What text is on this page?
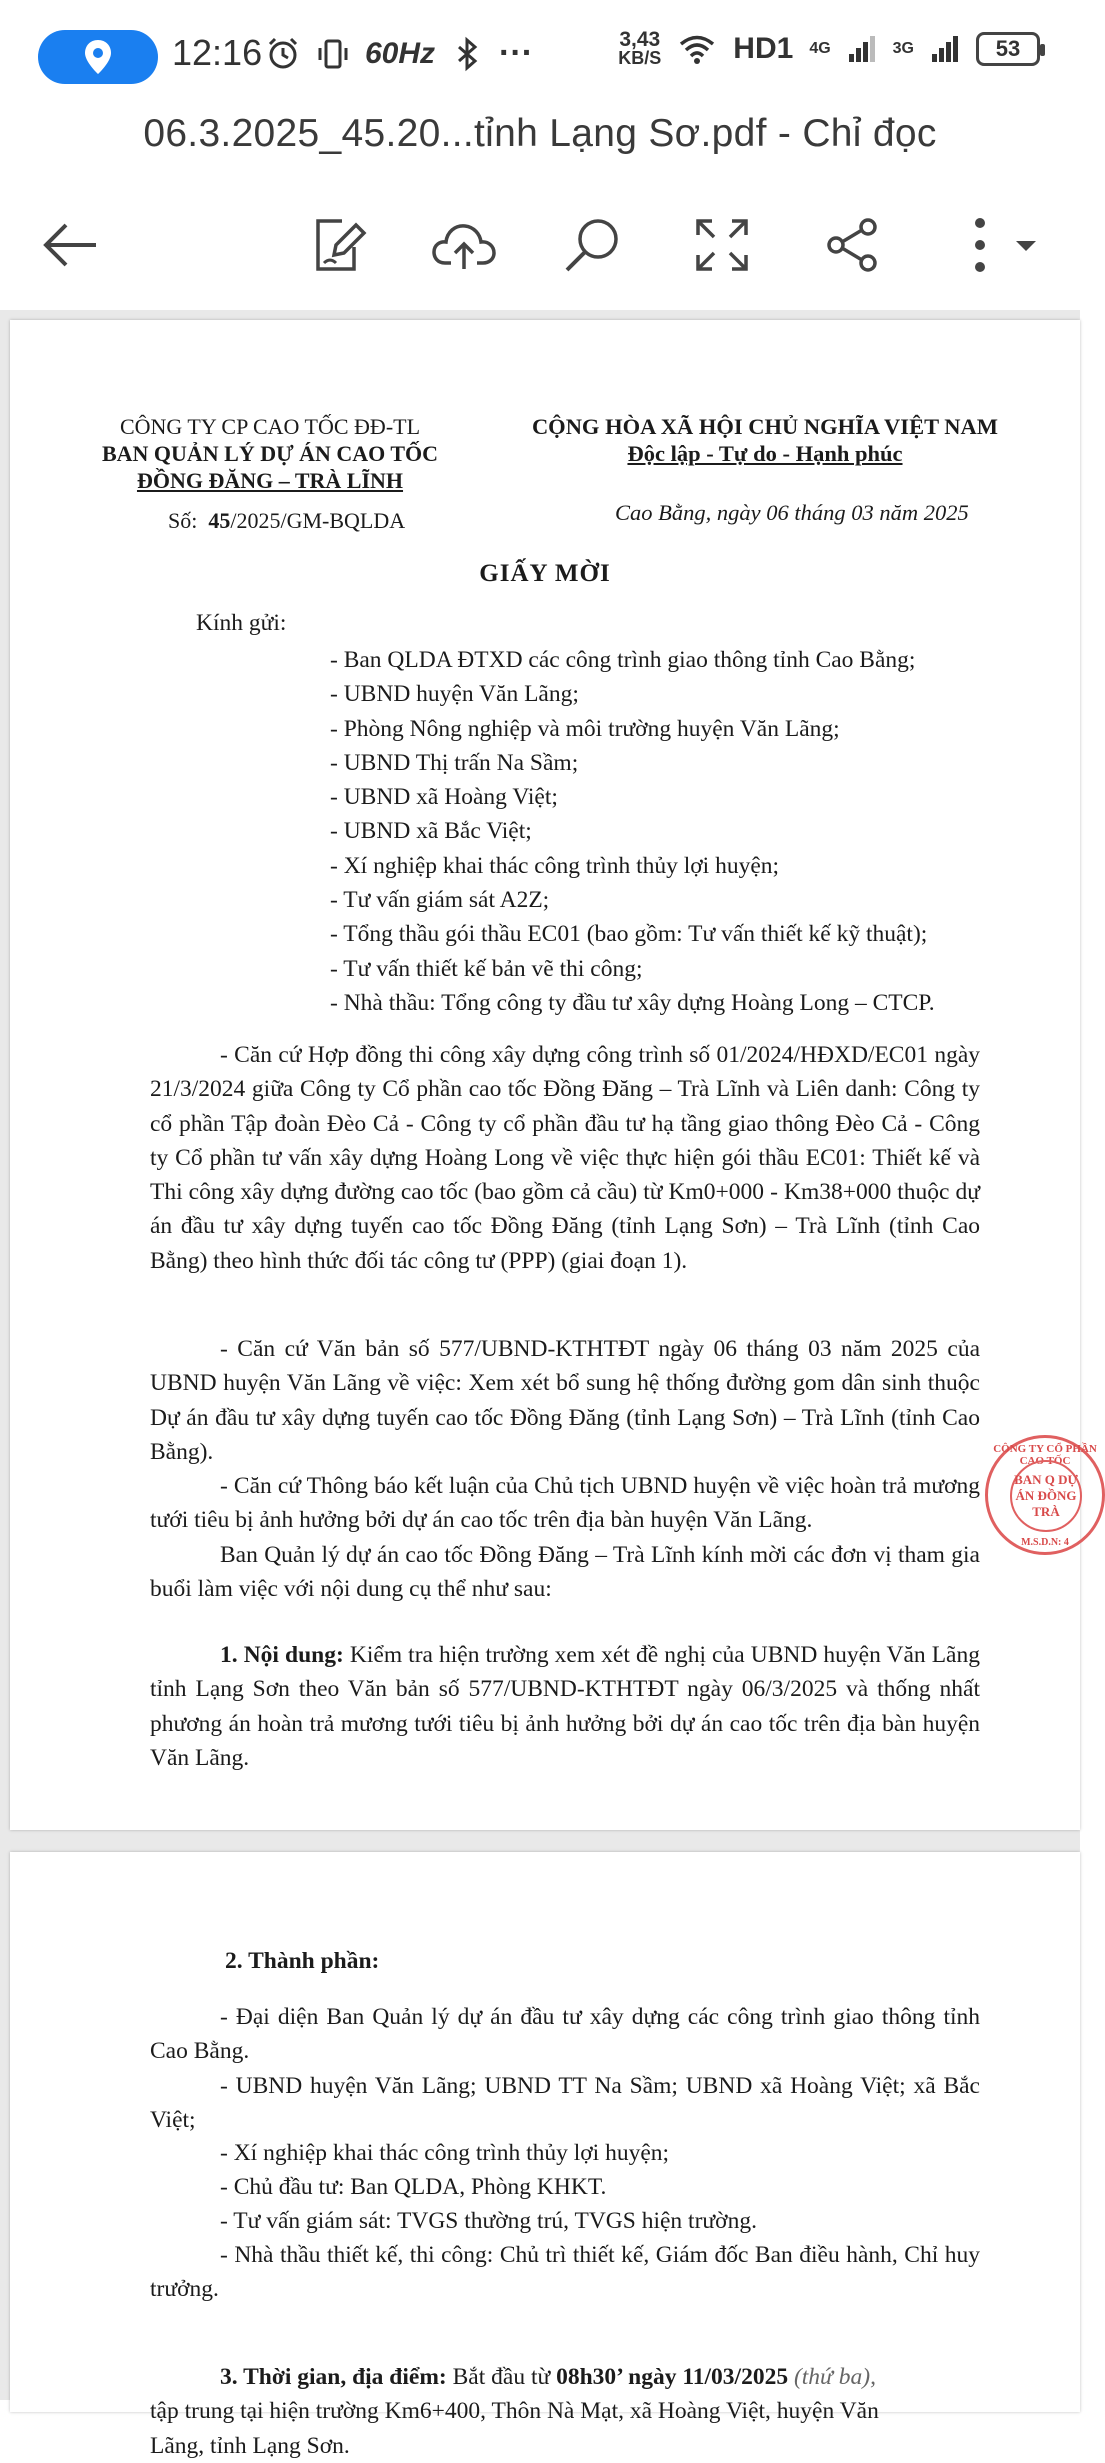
12:16	60Hz ···	3,43
KB/S HD1 4G	3G	53
06.3.2025_45.20...tỉnh Lạng Sơ.pdf - Chỉ đọc
CÔNG TY CP CAO TỐC ĐĐ-TL
BAN QUẢN LÝ DỰ ÁN CAO TỐC
ĐỒNG ĐĂNG – TRÀ LĨNH
CỘNG HÒA XÃ HỘI CHỦ NGHĨA VIỆT NAM
Độc lập - Tự do - Hạnh phúc
Số: 45/2025/GM-BQLDA	Cao Bằng, ngày 06 tháng 03 năm 2025
GIẤY MỜI
Kính gửi:
- Ban QLDA ĐTXD các công trình giao thông tỉnh Cao Bằng;
- UBND huyện Văn Lãng;
- Phòng Nông nghiệp và môi trường huyện Văn Lãng;
- UBND Thị trấn Na Sầm;
- UBND xã Hoàng Việt;
- UBND xã Bắc Việt;
- Xí nghiệp khai thác công trình thủy lợi huyện;
- Tư vấn giám sát A2Z;
- Tổng thầu gói thầu EC01 (bao gồm: Tư vấn thiết kế kỹ thuật);
- Tư vấn thiết kế bản vẽ thi công;
- Nhà thầu: Tổng công ty đầu tư xây dựng Hoàng Long – CTCP.
- Căn cứ Hợp đồng thi công xây dựng công trình số 01/2024/HĐXD/EC01 ngày 21/3/2024 giữa Công ty Cổ phần cao tốc Đồng Đăng – Trà Lĩnh và Liên danh: Công ty cổ phần Tập đoàn Đèo Cả - Công ty cổ phần đầu tư hạ tầng giao thông Đèo Cả - Công ty Cổ phần tư vấn xây dựng Hoàng Long về việc thực hiện gói thầu EC01: Thiết kế và Thi công xây dựng đường cao tốc (bao gồm cả cầu) từ Km0+000 - Km38+000 thuộc dự án đầu tư xây dựng tuyến cao tốc Đồng Đăng (tỉnh Lạng Sơn) – Trà Lĩnh (tỉnh Cao Bằng) theo hình thức đối tác công tư (PPP) (giai đoạn 1).
- Căn cứ Văn bản số 577/UBND-KTHTĐT ngày 06 tháng 03 năm 2025 của UBND huyện Văn Lãng về việc: Xem xét bổ sung hệ thống đường gom dân sinh thuộc Dự án đầu tư xây dựng tuyến cao tốc Đồng Đăng (tỉnh Lạng Sơn) – Trà Lĩnh (tỉnh Cao Bằng).
- Căn cứ Thông báo kết luận của Chủ tịch UBND huyện về việc hoàn trả mương tưới tiêu bị ảnh hưởng bởi dự án cao tốc trên địa bàn huyện Văn Lãng.
Ban Quản lý dự án cao tốc Đồng Đăng – Trà Lĩnh kính mời các đơn vị tham gia buổi làm việc với nội dung cụ thể như sau:
1. Nội dung: Kiểm tra hiện trường xem xét đề nghị của UBND huyện Văn Lãng tỉnh Lạng Sơn theo Văn bản số 577/UBND-KTHTĐT ngày 06/3/2025 và thống nhất phương án hoàn trả mương tưới tiêu bị ảnh hưởng bởi dự án cao tốc trên địa bàn huyện Văn Lãng.
CÔNG TY CỔ PHẦN CAO TỐC
BAN Q DỰ ÁN ĐỒNG TRÀ
M.S.D.N: 4
2. Thành phần:
- Đại diện Ban Quản lý dự án đầu tư xây dựng các công trình giao thông tỉnh Cao Bằng.
- UBND huyện Văn Lãng; UBND TT Na Sầm; UBND xã Hoàng Việt; xã Bắc Việt;
- Xí nghiệp khai thác công trình thủy lợi huyện;
- Chủ đầu tư: Ban QLDA, Phòng KHKT.
- Tư vấn giám sát: TVGS thường trú, TVGS hiện trường.
- Nhà thầu thiết kế, thi công: Chủ trì thiết kế, Giám đốc Ban điều hành, Chỉ huy trưởng.
3. Thời gian, địa điểm: Bắt đầu từ 08h30’ ngày 11/03/2025 (thứ ba),
tập trung tại hiện trường Km6+400, Thôn Nà Mạt, xã Hoàng Việt, huyện Văn
Lãng, tỉnh Lạng Sơn.
